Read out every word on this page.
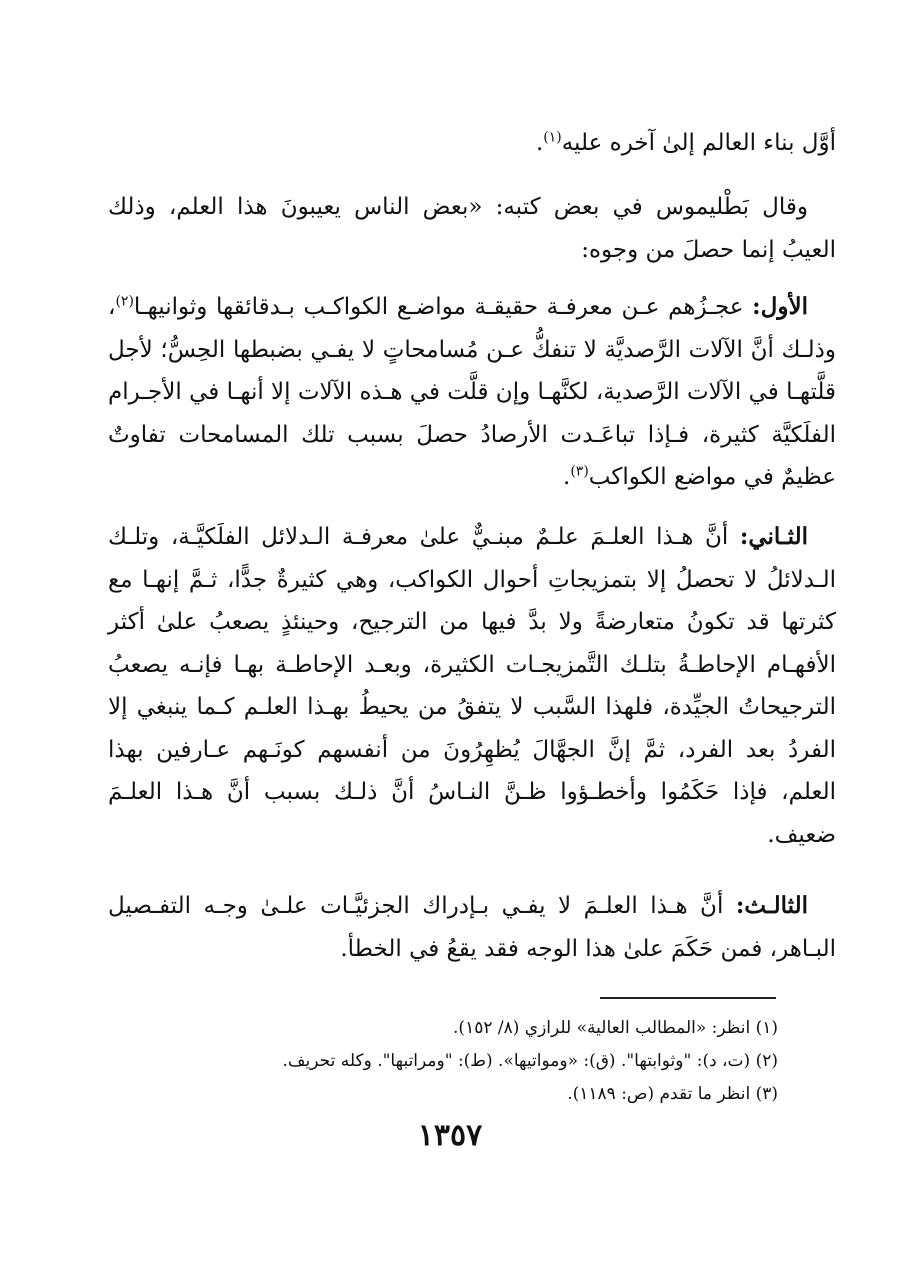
أوَّل بناء العالم إلىٰ آخره عليه$^{(١)}$.

وقال بَطْليموس في بعض كتبه: «بعض الناس يعيبونَ هذا العلم، وذلك العيبُ إنما حصلَ من وجوه:

الأول: عجـزُهم عـن معرفـة حقيقـة مواضـع الكواكـب بـدقائقها وثوانيهـا$^{(٢)}$، وذلـك أنَّ الآلات الرَّصديَّة لا تنفكُّ عـن مُسامحاتٍ لا يفـي بضبطها الحِسُّ؛ لأجل قلَّتهـا في الآلات الرَّصدية، لكنَّهـا وإن قلَّت في هـذه الآلات إلا أنهـا في الأجـرام الفلَكيَّة كثيرة، فـإذا تباعَـدت الأرصادُ حصلَ بسبب تلك المسامحات تفاوتٌ عظيمٌ في مواضع الكواكب$^{(٣)}$.

الثـاني: أنَّ هـذا العلـمَ علـمٌ مبنـيٌّ علىٰ معرفـة الـدلائل الفلَكيَّـة، وتلـك الـدلائلُ لا تحصلُ إلا بتمزيجاتِ أحوال الكواكب، وهي كثيرةٌ جدًّا، ثـمَّ إنهـا مع كثرتها قد تكونُ متعارضةً ولا بدَّ فيها من الترجيح، وحينئذٍ يصعبُ علىٰ أكثر الأفهـام الإحاطـةُ بتلـك التَّمزيجـات الكثيرة، وبعـد الإحاطـة بهـا فإنـه يصعبُ الترجيحاتُ الجيِّدة، فلهذا السَّبب لا يتفقُ من يحيطُ بهـذا العلـم كـما ينبغي إلا الفردُ بعد الفرد، ثمَّ إنَّ الجهَّالَ يُظهِرُونَ من أنفسهم كونَـهم عـارفين بهذا العلم، فإذا حَكَمُوا وأخطـؤوا ظـنَّ النـاسُ أنَّ ذلـك بسبب أنَّ هـذا العلـمَ ضعيف.

الثالـث: أنَّ هـذا العلـمَ لا يفـي بـإدراك الجزئيَّـات علـىٰ وجـه التفـصيل البـاهر، فمن حَكَمَ علىٰ هذا الوجه فقد يقعُ في الخطأ.

(١) انظر: «المطالب العالية» للرازي (٨/ ١٥٢).

(٢) (ت، د): "وثوابتها". (ق): «ومواتيها». (ط): "ومراتبها". وكله تحريف.

(٣) انظر ما تقدم (ص: ١١٨٩).

١٣٥٧
